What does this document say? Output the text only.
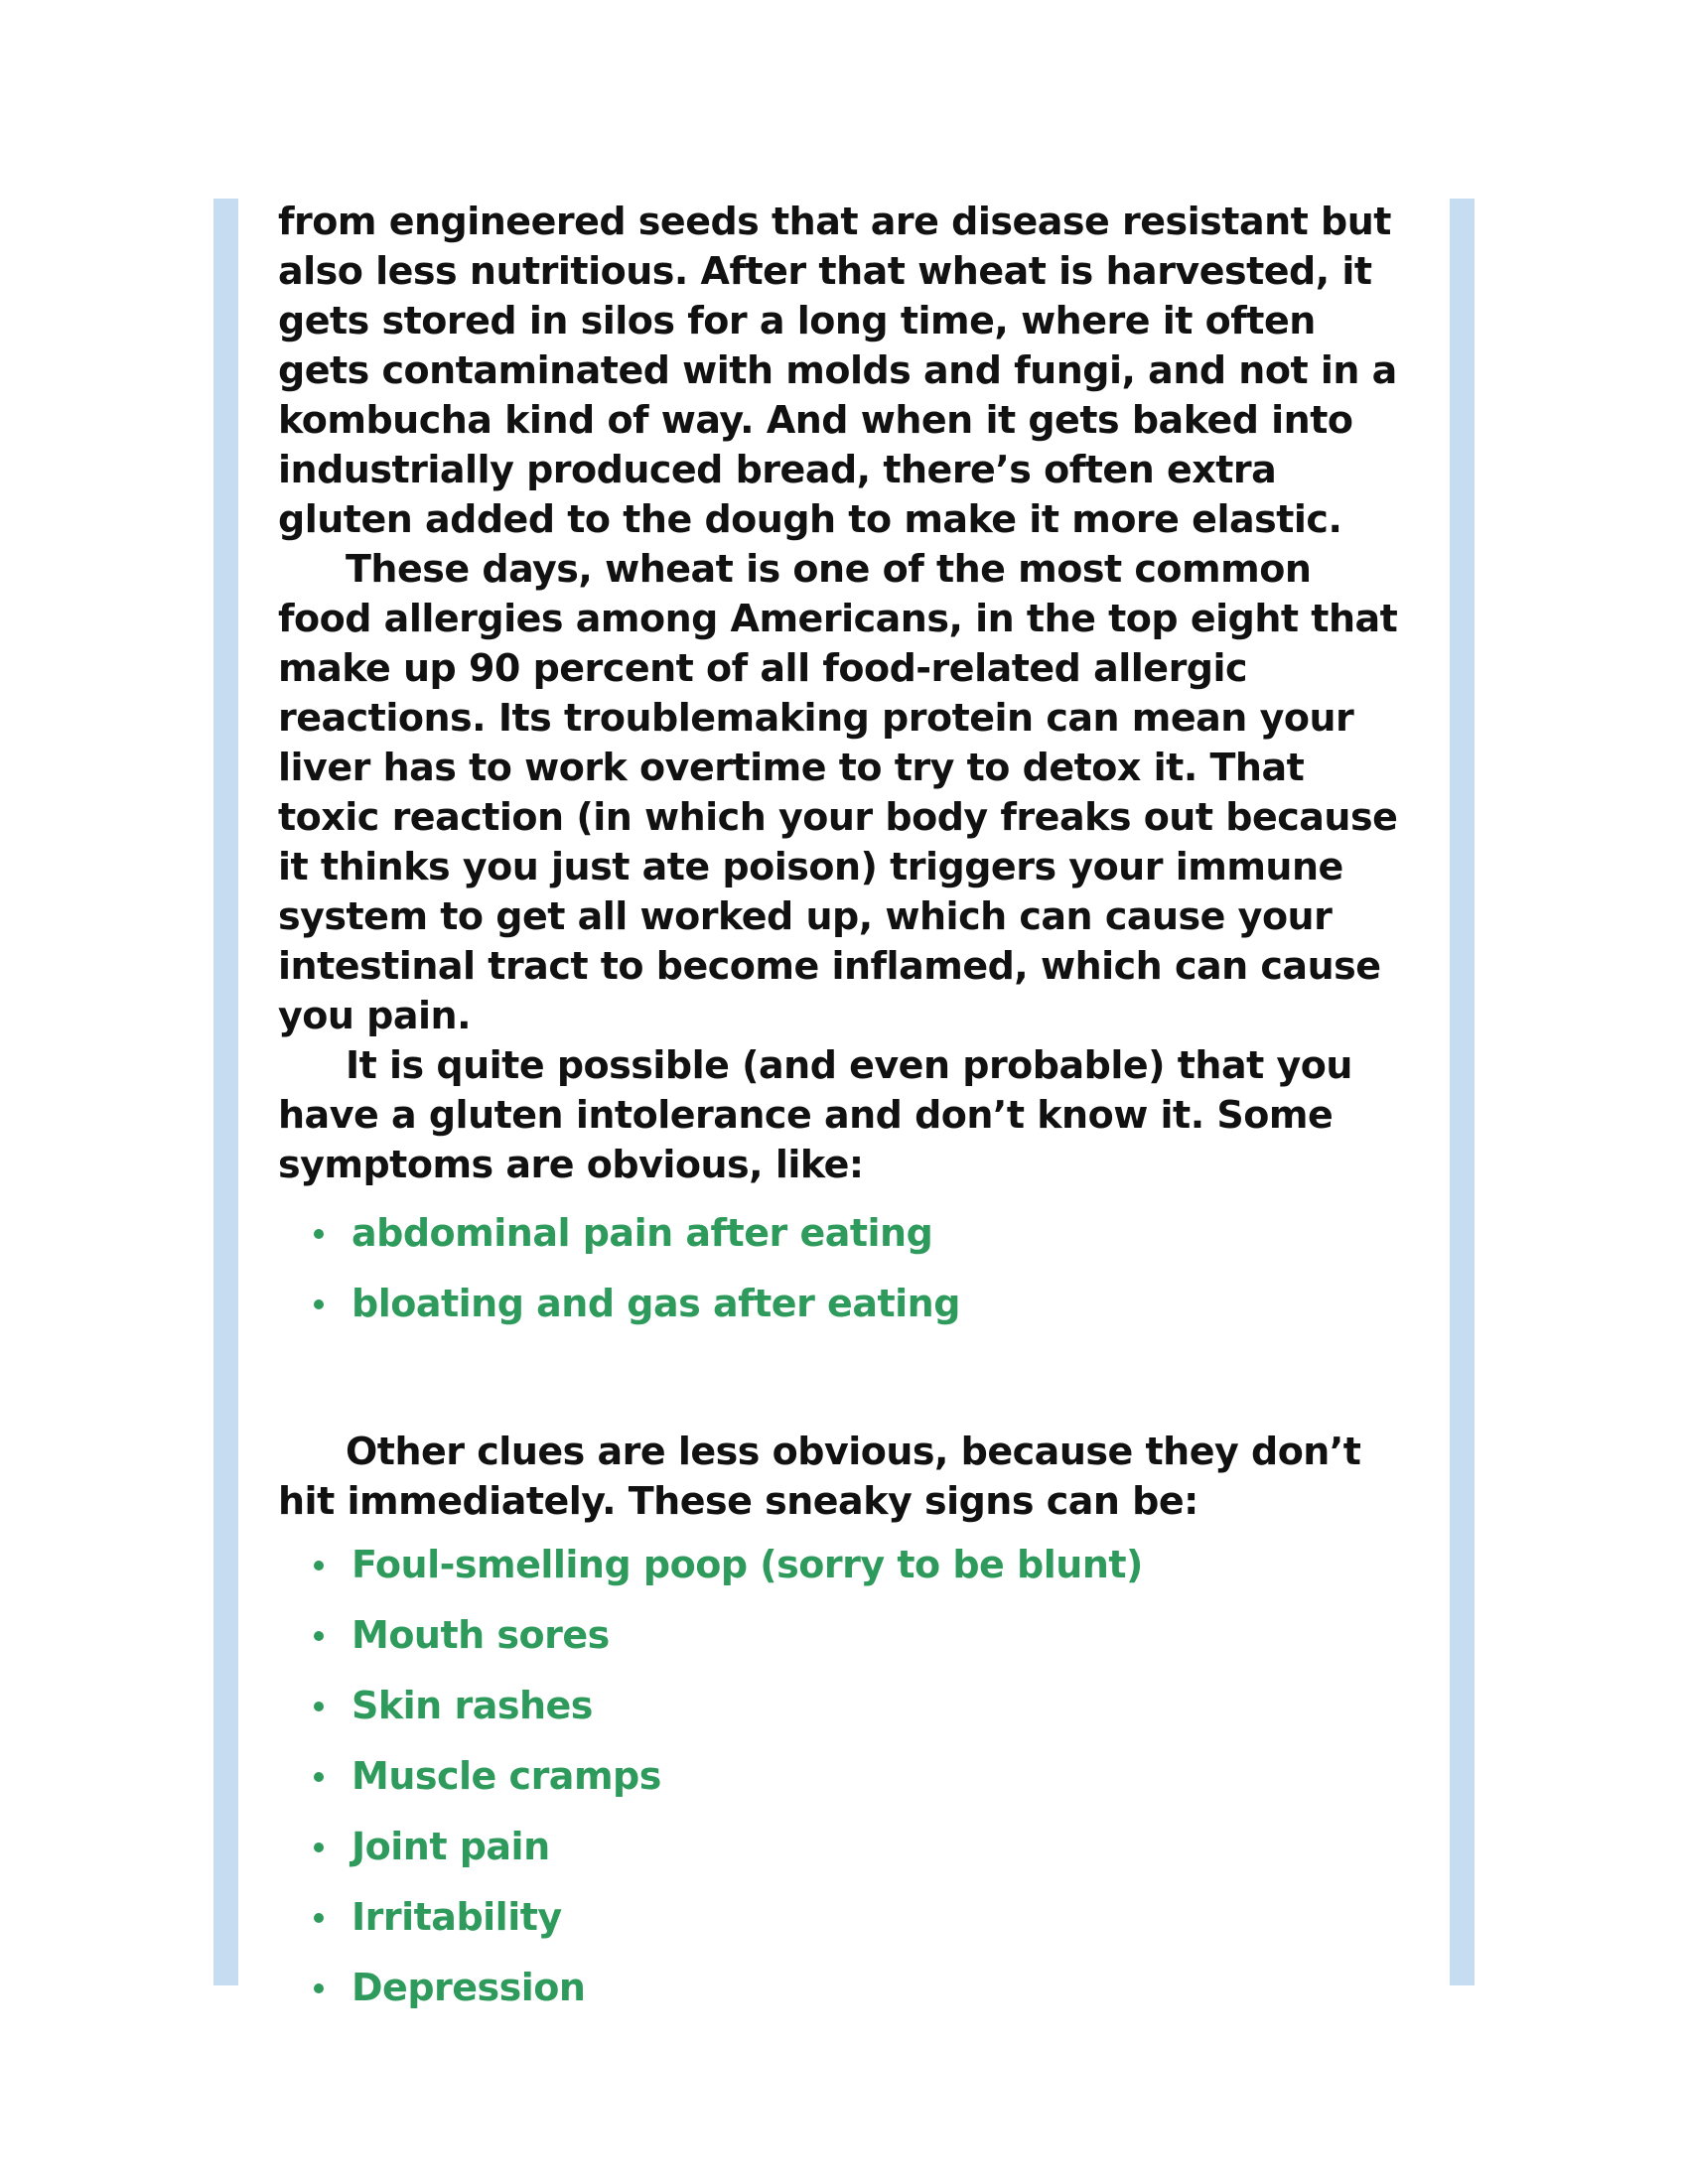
from engineered seeds that are disease resistant but also less nutritious. After that wheat is harvested, it gets stored in silos for a long time, where it often gets contaminated with molds and fungi, and not in a kombucha kind of way. And when it gets baked into industrially produced bread, there’s often extra gluten added to the dough to make it more elastic.

These days, wheat is one of the most common food allergies among Americans, in the top eight that make up 90 percent of all food-related allergic reactions. Its troublemaking protein can mean your liver has to work overtime to try to detox it. That toxic reaction (in which your body freaks out because it thinks you just ate poison) triggers your immune system to get all worked up, which can cause your intestinal tract to become inflamed, which can cause you pain.

It is quite possible (and even probable) that you have a gluten intolerance and don’t know it. Some symptoms are obvious, like:

abdominal pain after eating
bloating and gas after eating

Other clues are less obvious, because they don’t hit immediately. These sneaky signs can be:

Foul-smelling poop (sorry to be blunt)
Mouth sores
Skin rashes
Muscle cramps
Joint pain
Irritability
Depression
